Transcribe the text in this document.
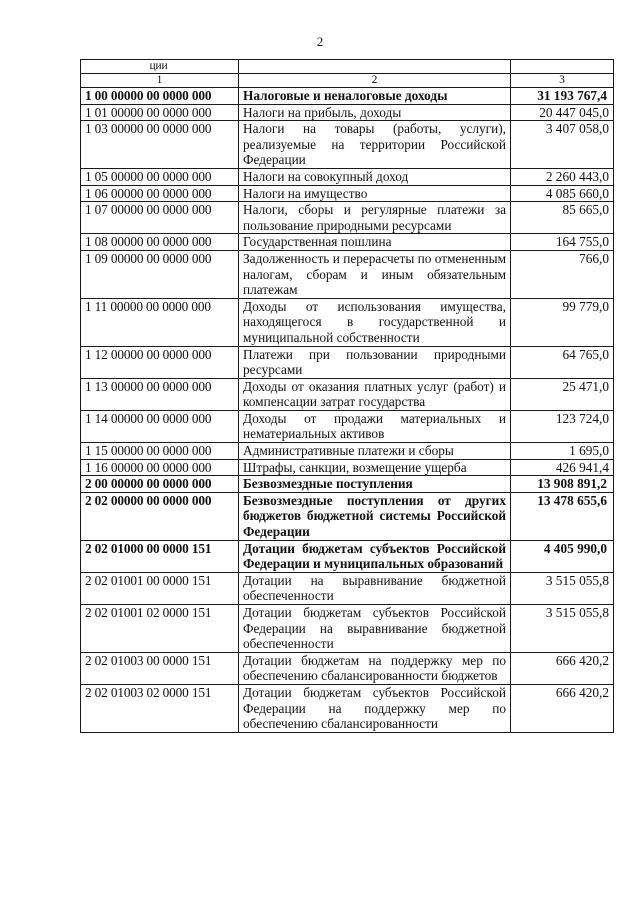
2
ции		
1	2	3
1 00 00000 00 0000 000	Налоговые и неналоговые доходы	31 193 767,4
1 01 00000 00 0000 000	Налоги на прибыль, доходы	20 447 045,0
1 03 00000 00 0000 000	Налоги на товары (работы, услуги), реализуемые на территории Российской Федерации	3 407 058,0
1 05 00000 00 0000 000	Налоги на совокупный доход	2 260 443,0
1 06 00000 00 0000 000	Налоги на имущество	4 085 660,0
1 07 00000 00 0000 000	Налоги, сборы и регулярные платежи за пользование природными ресурсами	85 665,0
1 08 00000 00 0000 000	Государственная пошлина	164 755,0
1 09 00000 00 0000 000	Задолженность и перерасчеты по отмененным налогам, сборам и иным обязательным платежам	766,0
1 11 00000 00 0000 000	Доходы от использования имущества, находящегося в государственной и муниципальной собственности	99 779,0
1 12 00000 00 0000 000	Платежи при пользовании природными ресурсами	64 765,0
1 13 00000 00 0000 000	Доходы от оказания платных услуг (работ) и компенсации затрат государства	25 471,0
1 14 00000 00 0000 000	Доходы от продажи материальных и нематериальных активов	123 724,0
1 15 00000 00 0000 000	Административные платежи и сборы	1 695,0
1 16 00000 00 0000 000	Штрафы, санкции, возмещение ущерба	426 941,4
2 00 00000 00 0000 000	Безвозмездные поступления	13 908 891,2
2 02 00000 00 0000 000	Безвозмездные поступления от других бюджетов бюджетной системы Российской Федерации	13 478 655,6
2 02 01000 00 0000 151	Дотации бюджетам субъектов Российской Федерации и муниципальных образований	4 405 990,0
2 02 01001 00 0000 151	Дотации на выравнивание бюджетной обеспеченности	3 515 055,8
2 02 01001 02 0000 151	Дотации бюджетам субъектов Российской Федерации на выравнивание бюджетной обеспеченности	3 515 055,8
2 02 01003 00 0000 151	Дотации бюджетам на поддержку мер по обеспечению сбалансированности бюджетов	666 420,2
2 02 01003 02 0000 151	Дотации бюджетам субъектов Российской Федерации на поддержку мер по обеспечению сбалансированности	666 420,2
